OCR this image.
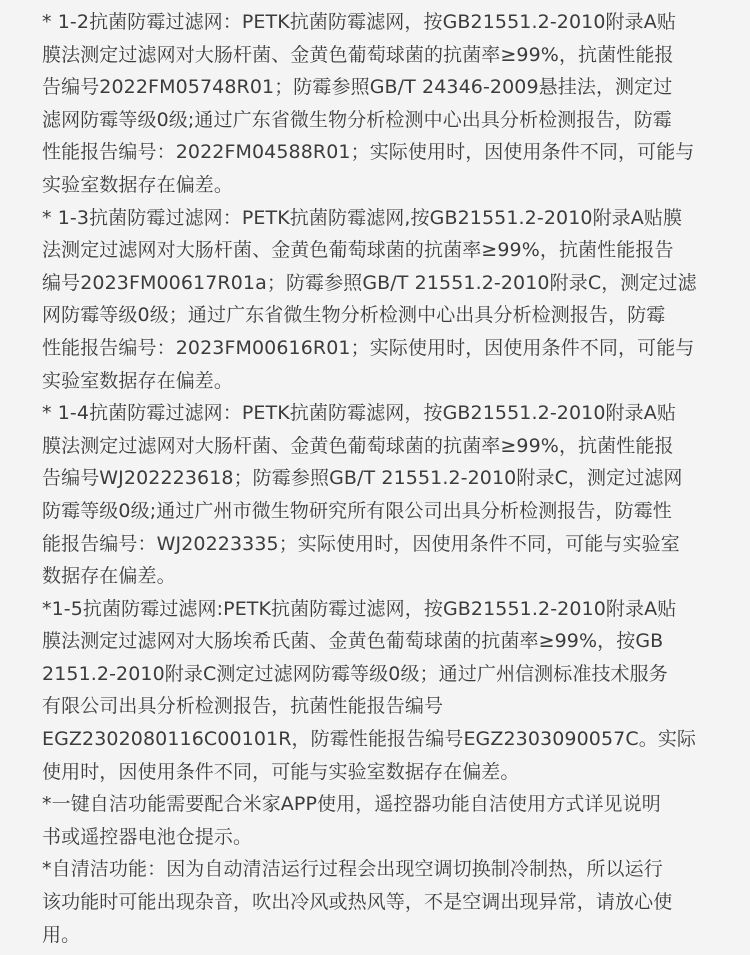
* 1-2抗菌防霉过滤网：PETK抗菌防霉滤网，按GB21551.2-2010附录A贴
膜法测定过滤网对大肠杆菌、金黄色葡萄球菌的抗菌率≥99%，抗菌性能报
告编号2022FM05748R01；防霉参照GB/T 24346-2009悬挂法，测定过
滤网防霉等级0级;通过广东省微生物分析检测中心出具分析检测报告，防霉
性能报告编号：2022FM04588R01；实际使用时，因使用条件不同，可能与
实验室数据存在偏差。
* 1-3抗菌防霉过滤网：PETK抗菌防霉滤网,按GB21551.2-2010附录A贴膜
法测定过滤网对大肠杆菌、金黄色葡萄球菌的抗菌率≥99%，抗菌性能报告
编号2023FM00617R01a；防霉参照GB/T 21551.2-2010附录C，测定过滤
网防霉等级0级；通过广东省微生物分析检测中心出具分析检测报告，防霉
性能报告编号：2023FM00616R01；实际使用时，因使用条件不同，可能与
实验室数据存在偏差。
* 1-4抗菌防霉过滤网：PETK抗菌防霉滤网，按GB21551.2-2010附录A贴
膜法测定过滤网对大肠杆菌、金黄色葡萄球菌的抗菌率≥99%，抗菌性能报
告编号WJ202223618；防霉参照GB/T 21551.2-2010附录C，测定过滤网
防霉等级0级;通过广州市微生物研究所有限公司出具分析检测报告，防霉性
能报告编号：WJ20223335；实际使用时，因使用条件不同，可能与实验室
数据存在偏差。
*1-5抗菌防霉过滤网:PETK抗菌防霉过滤网，按GB21551.2-2010附录A贴
膜法测定过滤网对大肠埃希氏菌、金黄色葡萄球菌的抗菌率≥99%，按GB
2151.2-2010附录C测定过滤网防霉等级0级；通过广州信测标准技术服务
有限公司出具分析检测报告，抗菌性能报告编号
EGZ2302080116C00101R，防霉性能报告编号EGZ2303090057C。实际
使用时，因使用条件不同，可能与实验室数据存在偏差。
*一键自洁功能需要配合米家APP使用，遥控器功能自洁使用方式详见说明
书或遥控器电池仓提示。
*自清洁功能：因为自动清洁运行过程会出现空调切换制冷制热，所以运行
该功能时可能出现杂音，吹出冷风或热风等，不是空调出现异常，请放心使
用。
